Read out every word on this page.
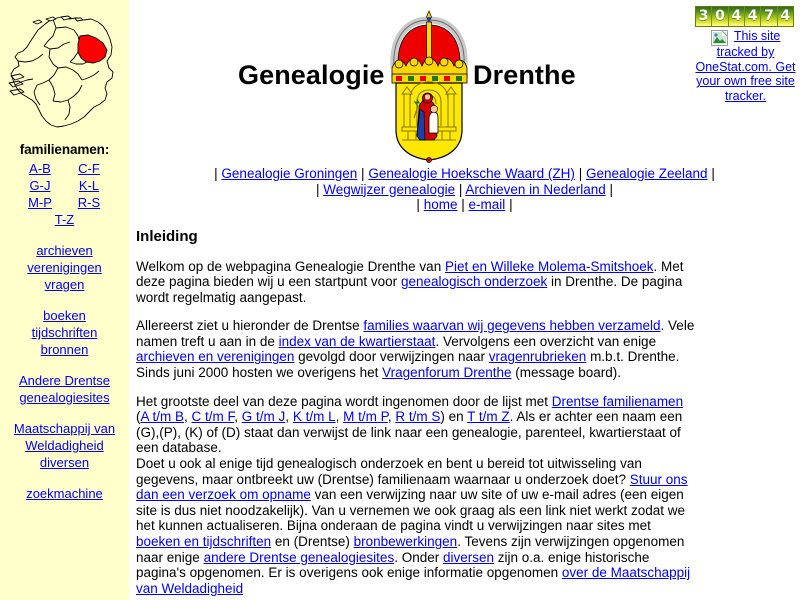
familienamen:
A-B	C-F
G-J	K-L
M-P	R-S
T-Z
archieven
verenigingen
vragen
boeken
tijdschriften
bronnen
Andere Drentse
genealogiesites
Maatschappij van
Weldadigheid
diversen
zoekmachine
3 0 4 4 7 4
This site tracked by OneStat.com. Get your own free site tracker.
Genealogie	Drenthe
| Genealogie Groningen | Genealogie Hoeksche Waard (ZH) | Genealogie Zeeland |
| Wegwijzer genealogie | Archieven in Nederland |
| home | e-mail |
Inleiding

Welkom op de webpagina Genealogie Drenthe van Piet en Willeke Molema-Smitshoek. Met deze pagina bieden wij u een startpunt voor genealogisch onderzoek in Drenthe. De pagina wordt regelmatig aangepast.

Allereerst ziet u hieronder de Drentse families waarvan wij gegevens hebben verzameld. Vele namen treft u aan in de index van de kwartierstaat. Vervolgens een overzicht van enige archieven en verenigingen gevolgd door verwijzingen naar vragenrubrieken m.b.t. Drenthe. Sinds juni 2000 hosten we overigens het Vragenforum Drenthe (message board).

Het grootste deel van deze pagina wordt ingenomen door de lijst met Drentse familienamen (A t/m B, C t/m F, G t/m J, K t/m L, M t/m P, R t/m S) en T t/m Z. Als er achter een naam een (G),(P), (K) of (D) staat dan verwijst de link naar een genealogie, parenteel, kwartierstaat of een database.

Doet u ook al enige tijd genealogisch onderzoek en bent u bereid tot uitwisseling van gegevens, maar ontbreekt uw (Drentse) familienaam waarnaar u onderzoek doet? Stuur ons dan een verzoek om opname van een verwijzing naar uw site of uw e-mail adres (een eigen site is dus niet noodzakelijk). Van u vernemen we ook graag als een link niet werkt zodat we het kunnen actualiseren. Bijna onderaan de pagina vindt u verwijzingen naar sites met boeken en tijdschriften en (Drentse) bronbewerkingen. Tevens zijn verwijzingen opgenomen naar enige andere Drentse genealogiesites. Onder diversen zijn o.a. enige historische pagina's opgenomen. Er is overigens ook enige informatie opgenomen over de Maatschappij van Weldadigheid
